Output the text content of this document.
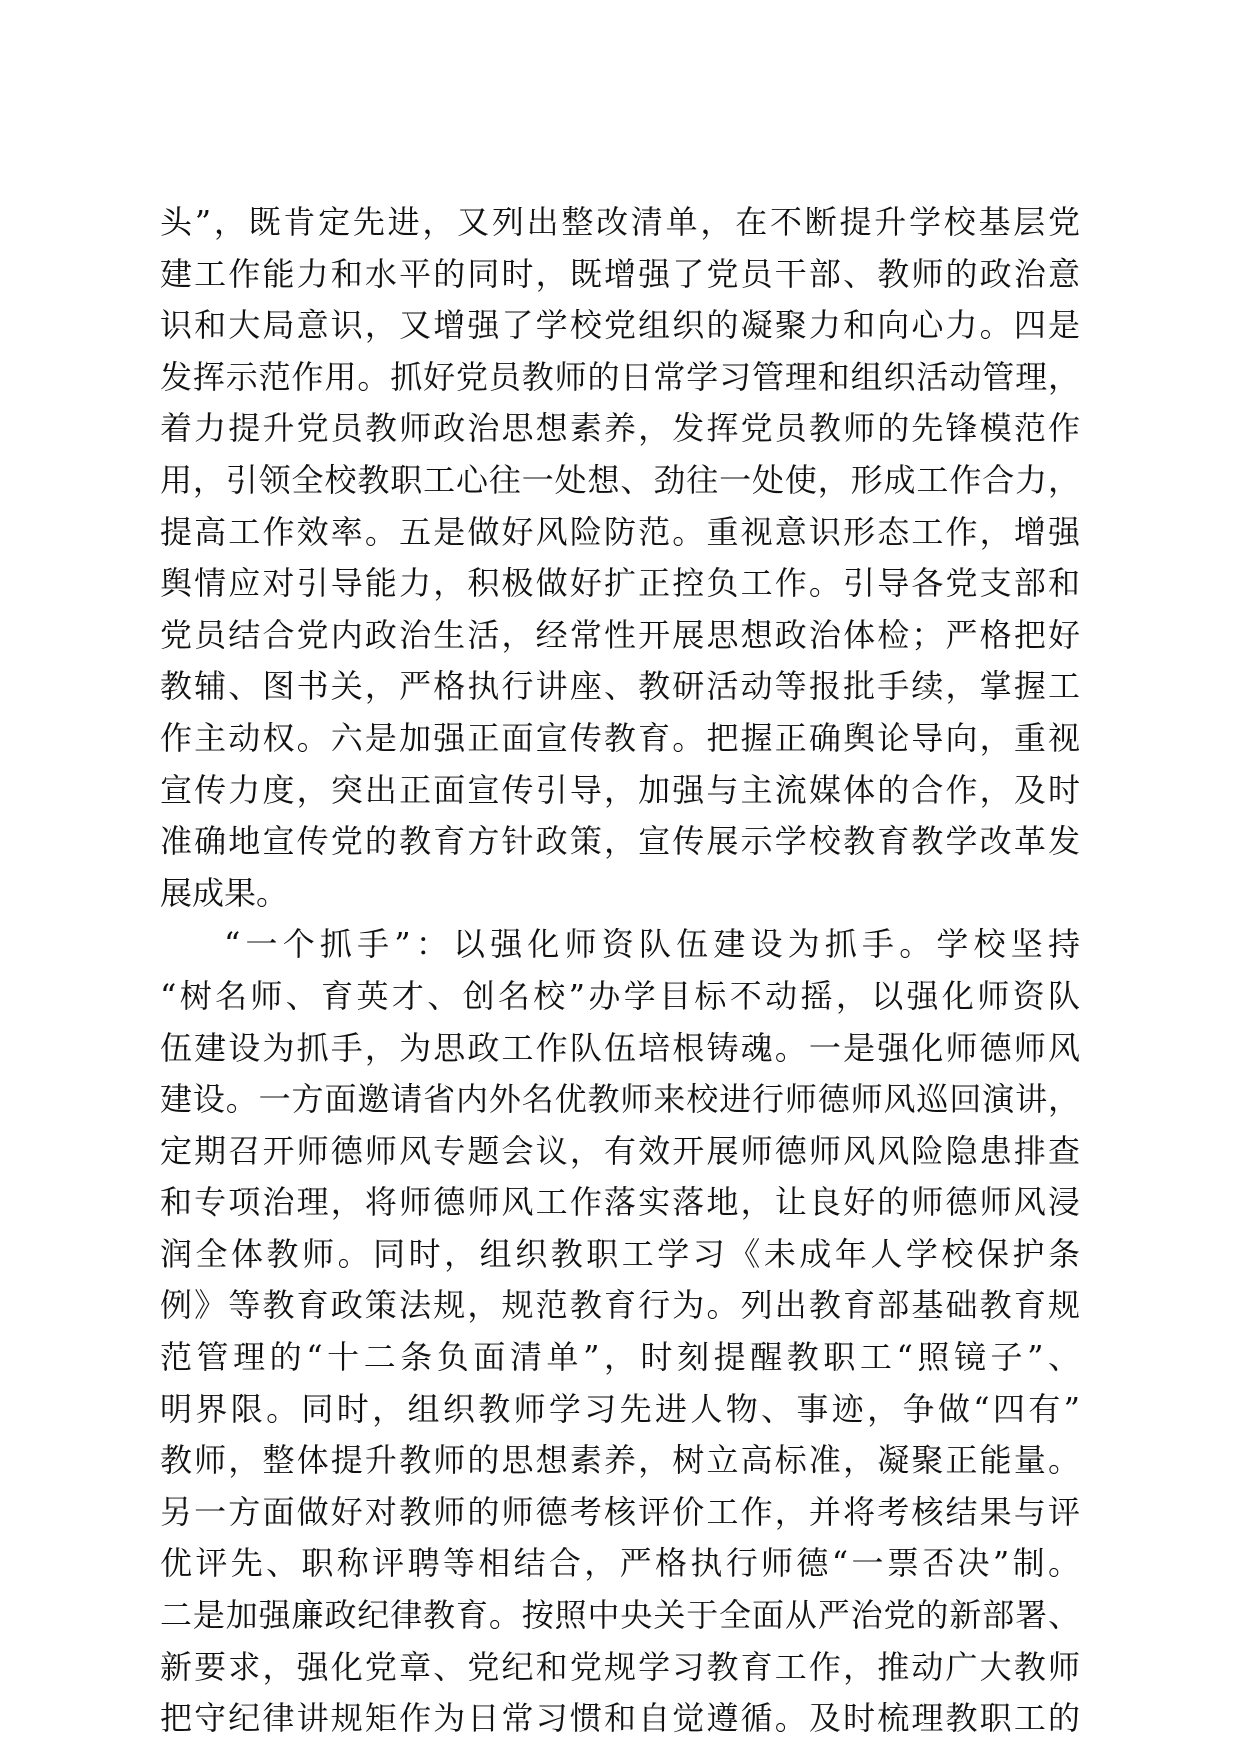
头”，既肯定先进，又列出整改清单，在不断提升学校基层党
建工作能力和水平的同时，既增强了党员干部、教师的政治意
识和大局意识，又增强了学校党组织的凝聚力和向心力。四是
发挥示范作用。抓好党员教师的日常学习管理和组织活动管理，
着力提升党员教师政治思想素养，发挥党员教师的先锋模范作
用，引领全校教职工心往一处想、劲往一处使，形成工作合力，
提高工作效率。五是做好风险防范。重视意识形态工作，增强
舆情应对引导能力，积极做好扩正控负工作。引导各党支部和
党员结合党内政治生活，经常性开展思想政治体检；严格把好
教辅、图书关，严格执行讲座、教研活动等报批手续，掌握工
作主动权。六是加强正面宣传教育。把握正确舆论导向，重视
宣传力度，突出正面宣传引导，加强与主流媒体的合作，及时
准确地宣传党的教育方针政策，宣传展示学校教育教学改革发
展成果。
“一个抓手”：以强化师资队伍建设为抓手。学校坚持
“树名师、育英才、创名校”办学目标不动摇，以强化师资队
伍建设为抓手，为思政工作队伍培根铸魂。一是强化师德师风
建设。一方面邀请省内外名优教师来校进行师德师风巡回演讲，
定期召开师德师风专题会议，有效开展师德师风风险隐患排查
和专项治理，将师德师风工作落实落地，让良好的师德师风浸
润全体教师。同时，组织教职工学习《未成年人学校保护条
例》等教育政策法规，规范教育行为。列出教育部基础教育规
范管理的“十二条负面清单”，时刻提醒教职工“照镜子”、
明界限。同时，组织教师学习先进人物、事迹，争做“四有”
教师，整体提升教师的思想素养，树立高标准，凝聚正能量。
另一方面做好对教师的师德考核评价工作，并将考核结果与评
优评先、职称评聘等相结合，严格执行师德“一票否决”制。
二是加强廉政纪律教育。按照中央关于全面从严治党的新部署、
新要求，强化党章、党纪和党规学习教育工作，推动广大教师
把守纪律讲规矩作为日常习惯和自觉遵循。及时梳理教职工的
